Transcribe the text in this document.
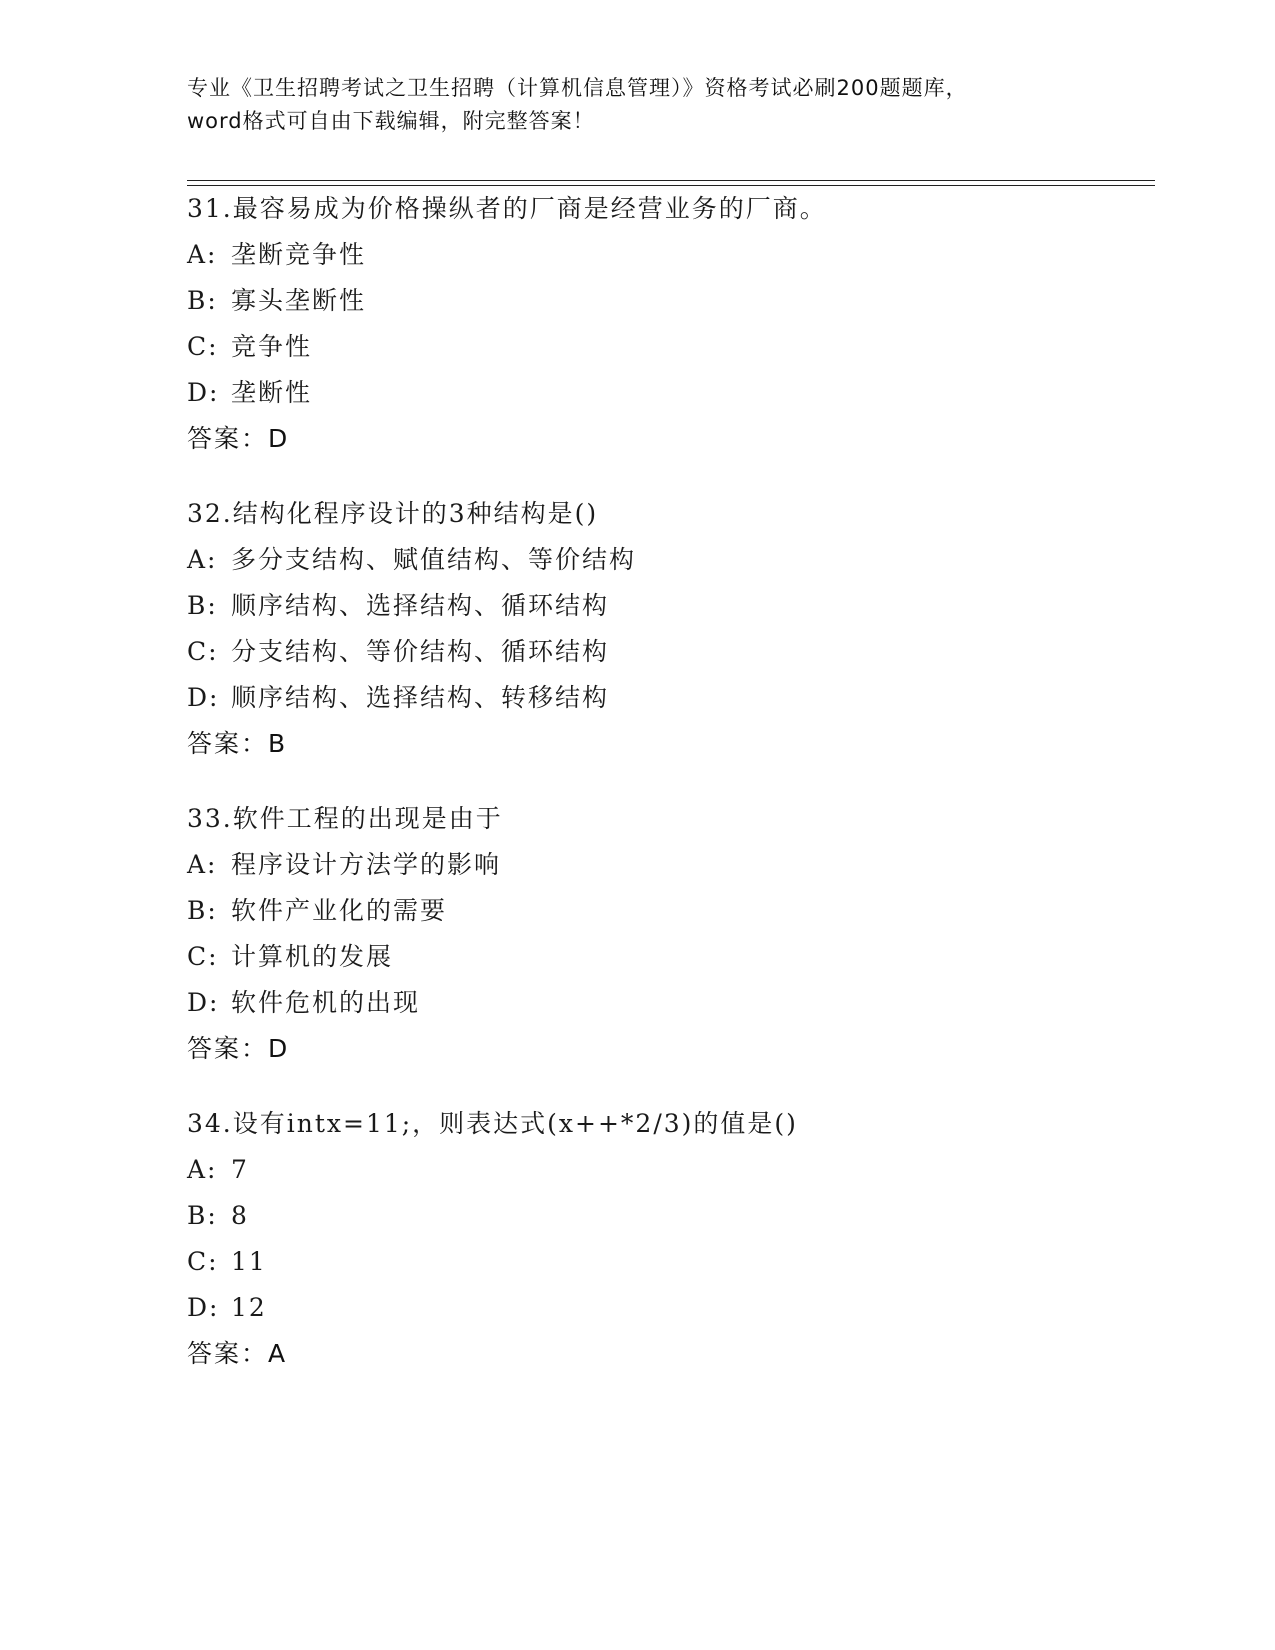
专业《卫生招聘考试之卫生招聘（计算机信息管理）》资格考试必刷200题题库，
word格式可自由下载编辑，附完整答案！
31.最容易成为价格操纵者的厂商是经营业务的厂商。
A: 垄断竞争性
B: 寡头垄断性
C: 竞争性
D: 垄断性
答案：D
32.结构化程序设计的3种结构是()
A: 多分支结构、赋值结构、等价结构
B: 顺序结构、选择结构、循环结构
C: 分支结构、等价结构、循环结构
D: 顺序结构、选择结构、转移结构
答案：B
33.软件工程的出现是由于
A: 程序设计方法学的影响
B: 软件产业化的需要
C: 计算机的发展
D: 软件危机的出现
答案：D
34.设有intx=11;，则表达式(x++*2/3)的值是()
A: 7
B: 8
C: 11
D: 12
答案：A
